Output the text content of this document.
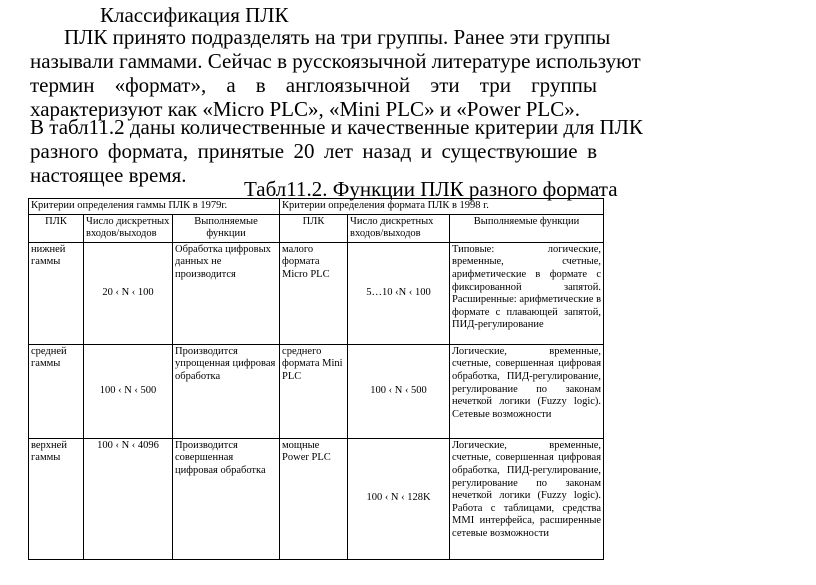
Классификация ПЛК
ПЛК принято подразделять на три группы. Ранее эти группы
называли гаммами. Сейчас в русскоязычной литературе используют
термин «формат», а в англоязычной эти три группы
характеризуют как «Micro PLC», «Mini PLC» и «Power PLC».
В табл11.2 даны количественные и качественные критерии для ПЛК
разного формата, принятые 20 лет назад и существуюшие в
настоящее время.
Табл11.2. Функции ПЛК разного формата
Критерии определения гаммы ПЛК в 1979г.			Критерии определения формата ПЛК в 1998 г.		
ПЛК	Число дискретных входов/выходов	Выполняемые функции	ПЛК	Число дискретных входов/выходов	Выполняемые функции
нижней гаммы	20 ‹ N ‹ 100	Обработка цифровых данных не производится	малого формата Micro PLC	5…10 ‹N ‹ 100	Типовые: логические, временные, счетные, арифметические в формате с фиксированной запятой. Расширенные: арифметические в формате с плавающей запятой, ПИД-регулирование
средней гаммы	100 ‹ N ‹ 500	Производится упрощенная цифровая обработка	среднего формата Mini PLC	100 ‹ N ‹ 500	Логические, временные, счетные, совершенная цифровая обработка, ПИД-регулирование, регулирование по законам нечеткой логики (Fuzzy logic). Сетевые возможности
верхней гаммы	100 ‹ N ‹ 4096	Производится совершенная цифровая обработка	мощные Power PLC	100 ‹ N ‹ 128K	Логические, временные, счетные, совершенная цифровая обработка, ПИД-регулирование, регулирование по законам нечеткой логики (Fuzzy logic). Работа с таблицами, средства MMI интерфейса, расширенные сетевые возможности
